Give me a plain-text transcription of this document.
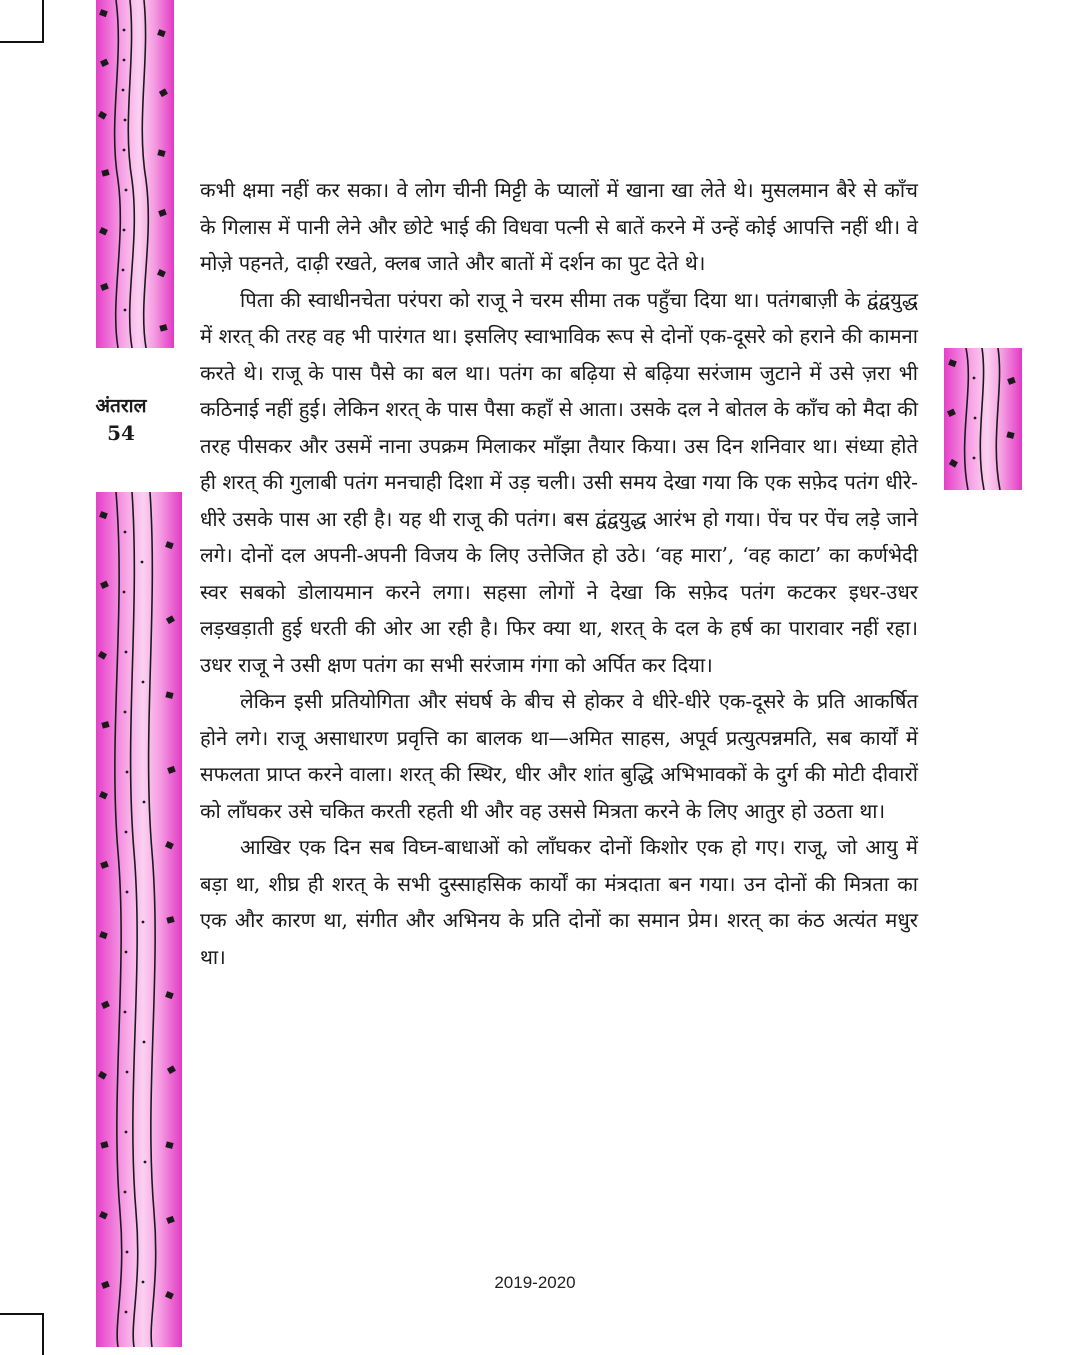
अंतराल
54

कभी क्षमा नहीं कर सका। वे लोग चीनी मिट्टी के प्यालों में खाना खा लेते थे। मुसलमान बैरे से काँच के गिलास में पानी लेने और छोटे भाई की विधवा पत्नी से बातें करने में उन्हें कोई आपत्ति नहीं थी। वे मोज़े पहनते, दाढ़ी रखते, क्लब जाते और बातों में दर्शन का पुट देते थे।

पिता की स्वाधीनचेता परंपरा को राजू ने चरम सीमा तक पहुँचा दिया था। पतंगबाज़ी के द्वंद्वयुद्ध में शरत् की तरह वह भी पारंगत था। इसलिए स्वाभाविक रूप से दोनों एक-दूसरे को हराने की कामना करते थे। राजू के पास पैसे का बल था। पतंग का बढ़िया से बढ़िया सरंजाम जुटाने में उसे ज़रा भी कठिनाई नहीं हुई। लेकिन शरत् के पास पैसा कहाँ से आता। उसके दल ने बोतल के काँच को मैदा की तरह पीसकर और उसमें नाना उपक्रम मिलाकर माँझा तैयार किया। उस दिन शनिवार था। संध्या होते ही शरत् की गुलाबी पतंग मनचाही दिशा में उड़ चली। उसी समय देखा गया कि एक सफ़ेद पतंग धीरे-धीरे उसके पास आ रही है। यह थी राजू की पतंग। बस द्वंद्वयुद्ध आरंभ हो गया। पेंच पर पेंच लड़े जाने लगे। दोनों दल अपनी-अपनी विजय के लिए उत्तेजित हो उठे। ‘वह मारा’, ‘वह काटा’ का कर्णभेदी स्वर सबको डोलायमान करने लगा। सहसा लोगों ने देखा कि सफ़ेद पतंग कटकर इधर-उधर लड़खड़ाती हुई धरती की ओर आ रही है। फिर क्या था, शरत् के दल के हर्ष का पारावार नहीं रहा। उधर राजू ने उसी क्षण पतंग का सभी सरंजाम गंगा को अर्पित कर दिया।

लेकिन इसी प्रतियोगिता और संघर्ष के बीच से होकर वे धीरे-धीरे एक-दूसरे के प्रति आकर्षित होने लगे। राजू असाधारण प्रवृत्ति का बालक था—अमित साहस, अपूर्व प्रत्युत्पन्नमति, सब कार्यों में सफलता प्राप्त करने वाला। शरत् की स्थिर, धीर और शांत बुद्धि अभिभावकों के दुर्ग की मोटी दीवारों को लाँघकर उसे चकित करती रहती थी और वह उससे मित्रता करने के लिए आतुर हो उठता था।

आखिर एक दिन सब विघ्न-बाधाओं को लाँघकर दोनों किशोर एक हो गए। राजू, जो आयु में बड़ा था, शीघ्र ही शरत् के सभी दुस्साहसिक कार्यों का मंत्रदाता बन गया। उन दोनों की मित्रता का एक और कारण था, संगीत और अभिनय के प्रति दोनों का समान प्रेम। शरत् का कंठ अत्यंत मधुर था।

2019-2020
